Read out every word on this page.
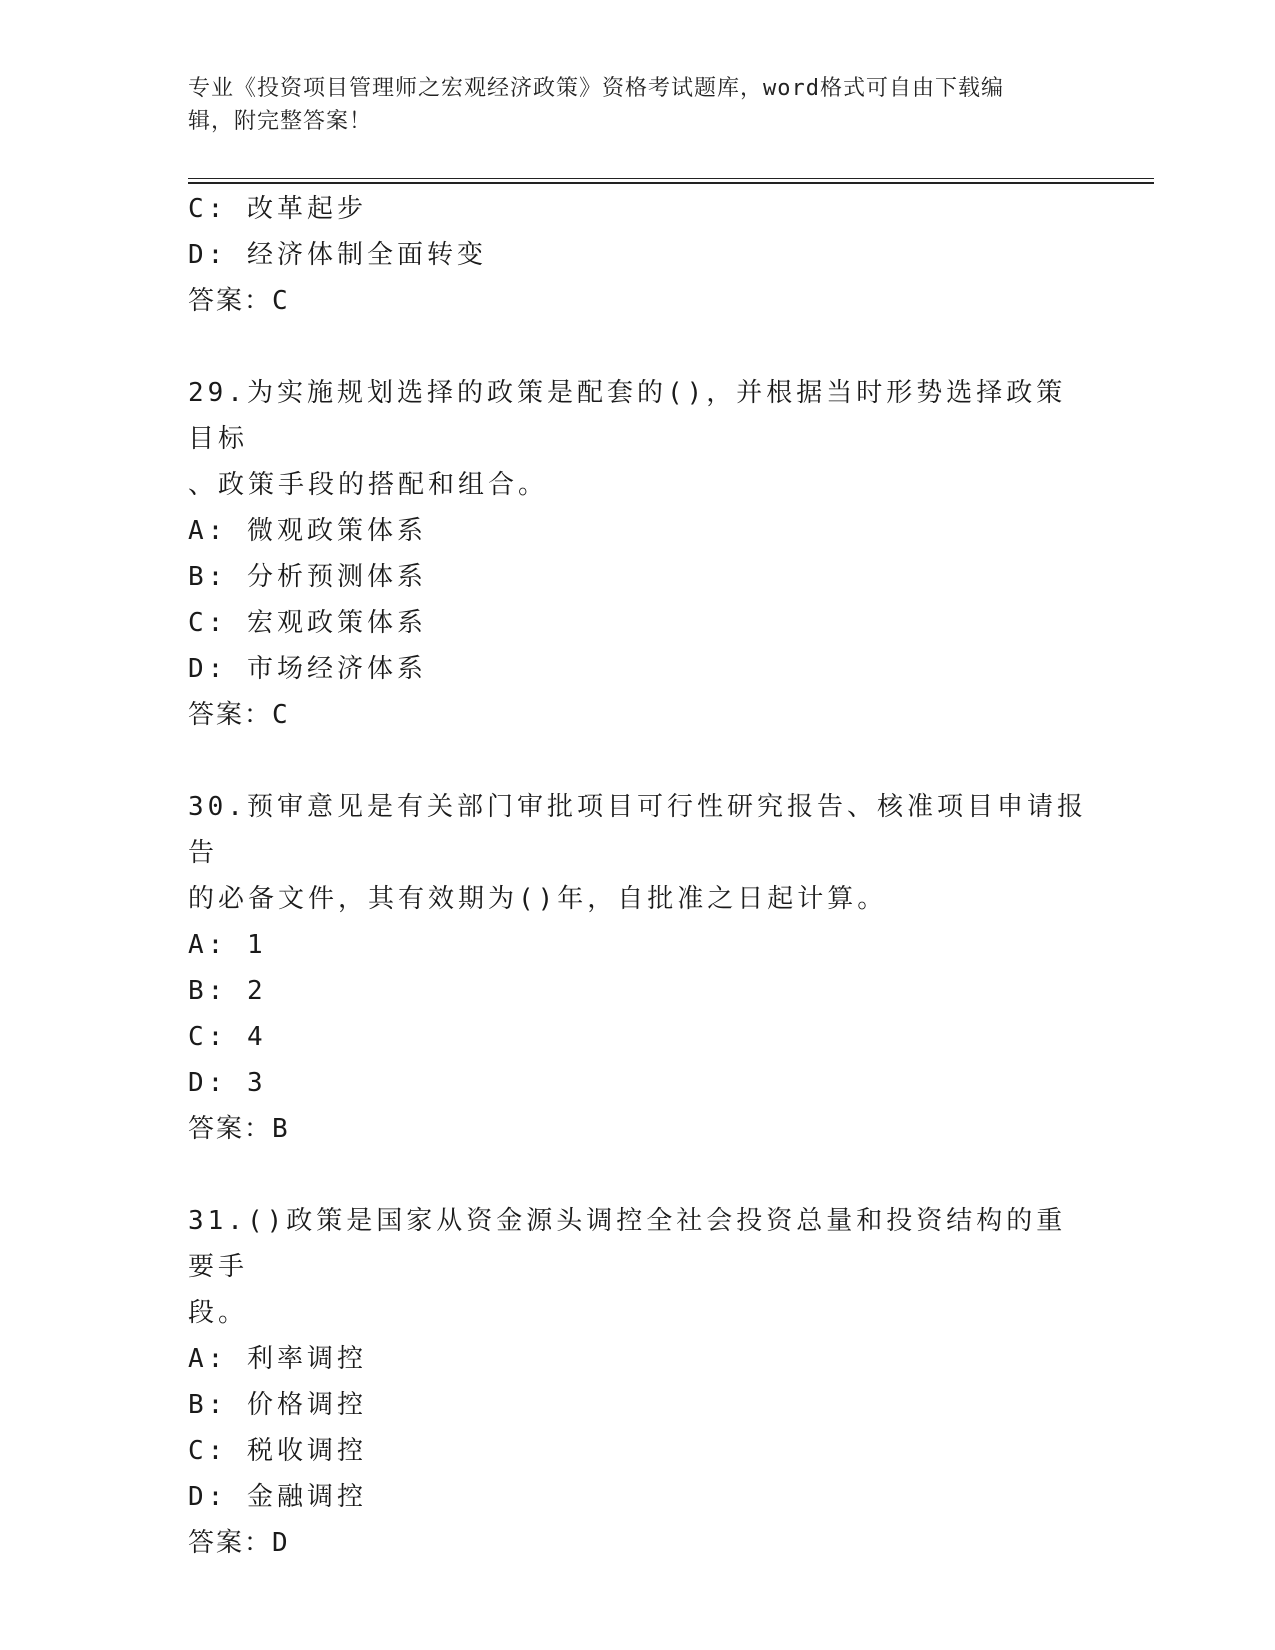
专业《投资项目管理师之宏观经济政策》资格考试题库，word格式可自由下载编
辑，附完整答案！
C: 改革起步
D: 经济体制全面转变
答案：C
29.为实施规划选择的政策是配套的()，并根据当时形势选择政策目标
、政策手段的搭配和组合。
A: 微观政策体系
B: 分析预测体系
C: 宏观政策体系
D: 市场经济体系
答案：C
30.预审意见是有关部门审批项目可行性研究报告、核准项目申请报告
的必备文件，其有效期为()年，自批准之日起计算。
A: 1
B: 2
C: 4
D: 3
答案：B
31.()政策是国家从资金源头调控全社会投资总量和投资结构的重要手
段。
A: 利率调控
B: 价格调控
C: 税收调控
D: 金融调控
答案：D
